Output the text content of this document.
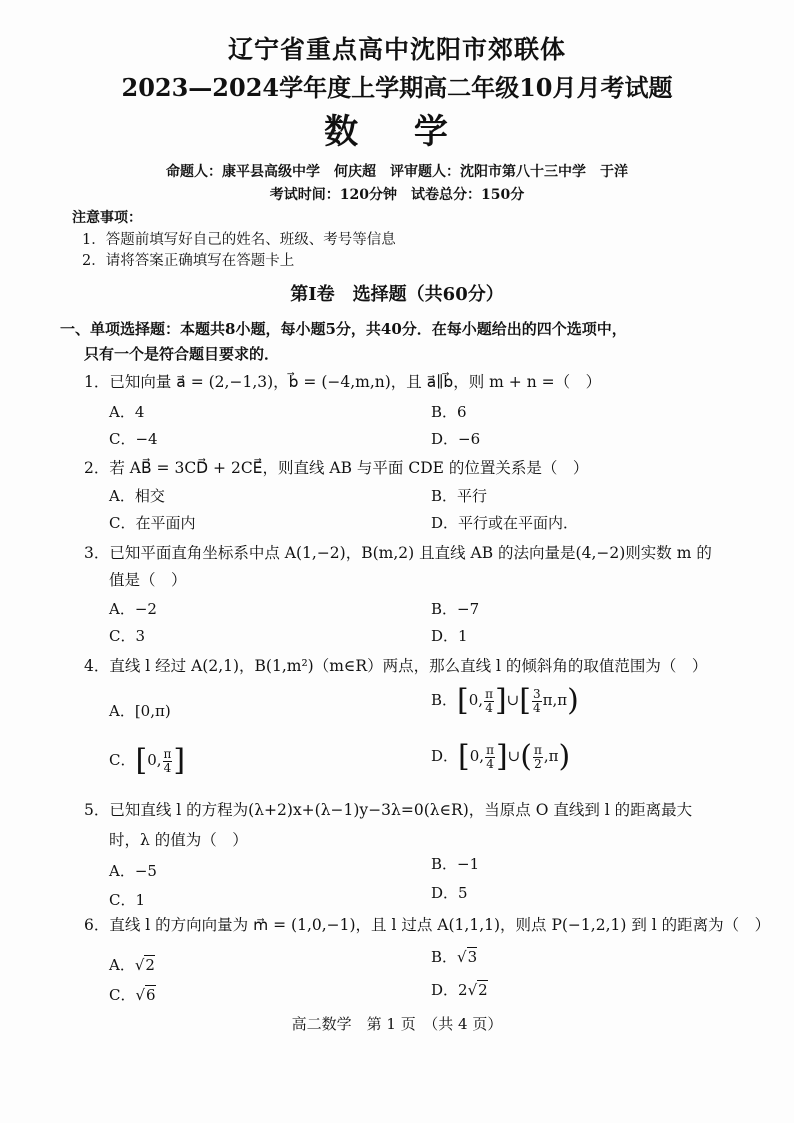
辽宁省重点高中沈阳市郊联体
2023—2024学年度上学期高二年级10月月考试题
数 学
命题人：康平县高级中学　何庆超　评审题人：沈阳市第八十三中学　于洋
考试时间：120分钟　试卷总分：150分
注意事项：
1．答题前填写好自己的姓名、班级、考号等信息
2．请将答案正确填写在答题卡上
第Ⅰ卷　选择题（共60分）
一、单项选择题：本题共8小题，每小题5分，共40分．在每小题给出的四个选项中，
只有一个是符合题目要求的．
1．已知向量 a⃗ = (2,−1,3)，b⃗ = (−4,m,n)，且 a⃗∥b⃗，则 m + n =（　）
A．4	B．6
C．−4	D．−6
2．若 AB⃗ = 3CD⃗ + 2CE⃗，则直线 AB 与平面 CDE 的位置关系是（　）
A．相交	B．平行
C．在平面内	D．平行或在平面内．
3．已知平面直角坐标系中点 A(1,−2)，B(m,2) 且直线 AB 的法向量是(4,−2)则实数 m 的
值是（　）
A．−2	B．−7
C．3	D．1
4．直线 l 经过 A(2,1)，B(1,m²)（m∈R）两点，那么直线 l 的倾斜角的取值范围为（　）
A．[0,π)
B．[0, $\frac{\pi}{4}$ ]∪[ $\frac{3}{4} \pi,\pi$)
C．[0, $\frac{\pi}{4}$ ]	D．[0, $\frac{\pi}{4}$ ]∪( $\frac{\pi}{2} ,\pi$)
5．已知直线 l 的方程为(λ+2)x+(λ−1)y−3λ=0(λ∈R)，当原点 O 直线到 l 的距离最大
时，λ 的值为（　）
A．−5	B．−1
C．1	D．5
6．直线 l 的方向向量为 m⃗ = (1,0,−1)，且 l 过点 A(1,1,1)，则点 P(−1,2,1) 到 l 的距离为（　）
A．√2	B．√3
C．√6	D．2√2
高二数学　第 1 页　（共 4 页）
